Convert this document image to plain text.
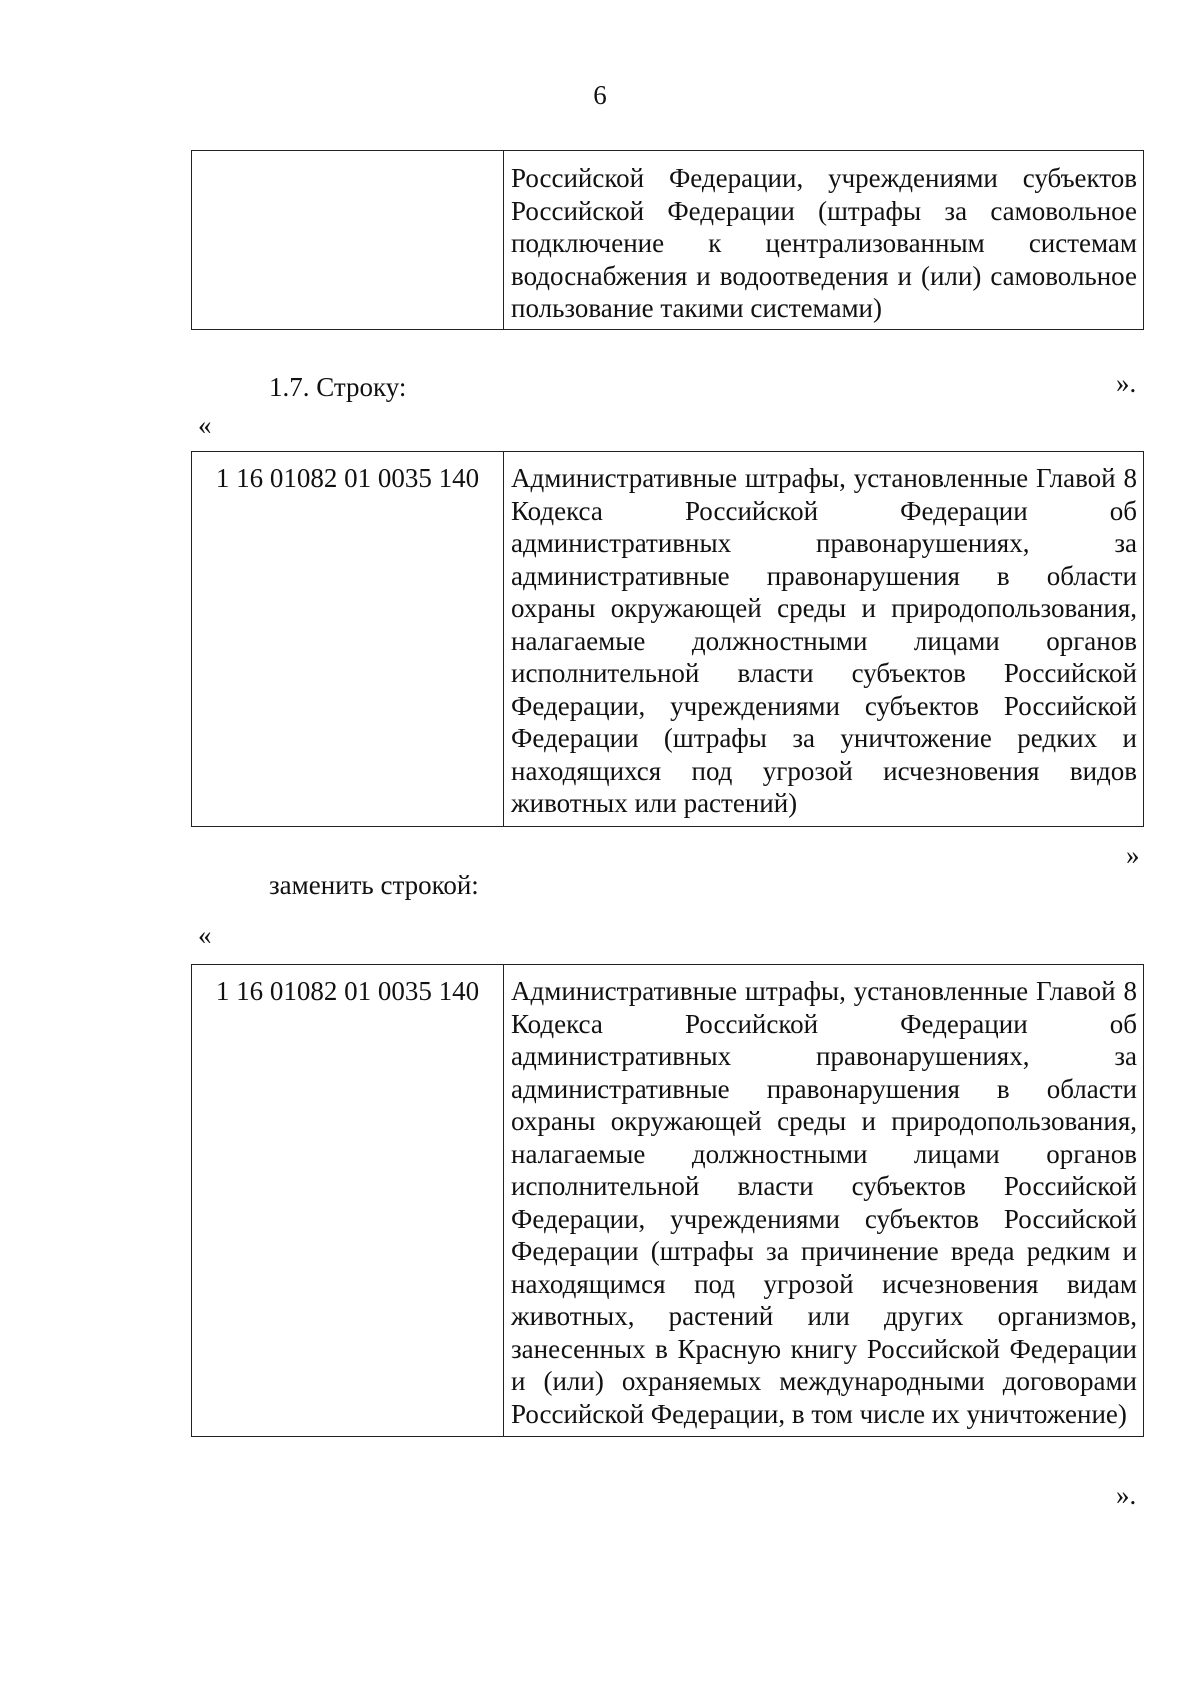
6
	Российской Федерации, учреждениями субъектов Российской Федерации (штрафы за самовольное подключение к централизованным системам водоснабжения и водоотведения и (или) самовольное пользование такими системами)
».
1.7. Строку:
«
1 16 01082 01 0035 140	Административные штрафы, установленные Главой 8 Кодекса Российской Федерации об административных правонарушениях, за административные правонарушения в области охраны окружающей среды и природопользования, налагаемые должностными лицами органов исполнительной власти субъектов Российской Федерации, учреждениями субъектов Российской Федерации (штрафы за уничтожение редких и находящихся под угрозой исчезновения видов животных или растений)
»
заменить строкой:
«
1 16 01082 01 0035 140	Административные штрафы, установленные Главой 8 Кодекса Российской Федерации об административных правонарушениях, за административные правонарушения в области охраны окружающей среды и природопользования, налагаемые должностными лицами органов исполнительной власти субъектов Российской Федерации, учреждениями субъектов Российской Федерации (штрафы за причинение вреда редким и находящимся под угрозой исчезновения видам животных, растений или других организмов, занесенных в Красную книгу Российской Федерации и (или) охраняемых международными договорами Российской Федерации, в том числе их уничтожение)
».
